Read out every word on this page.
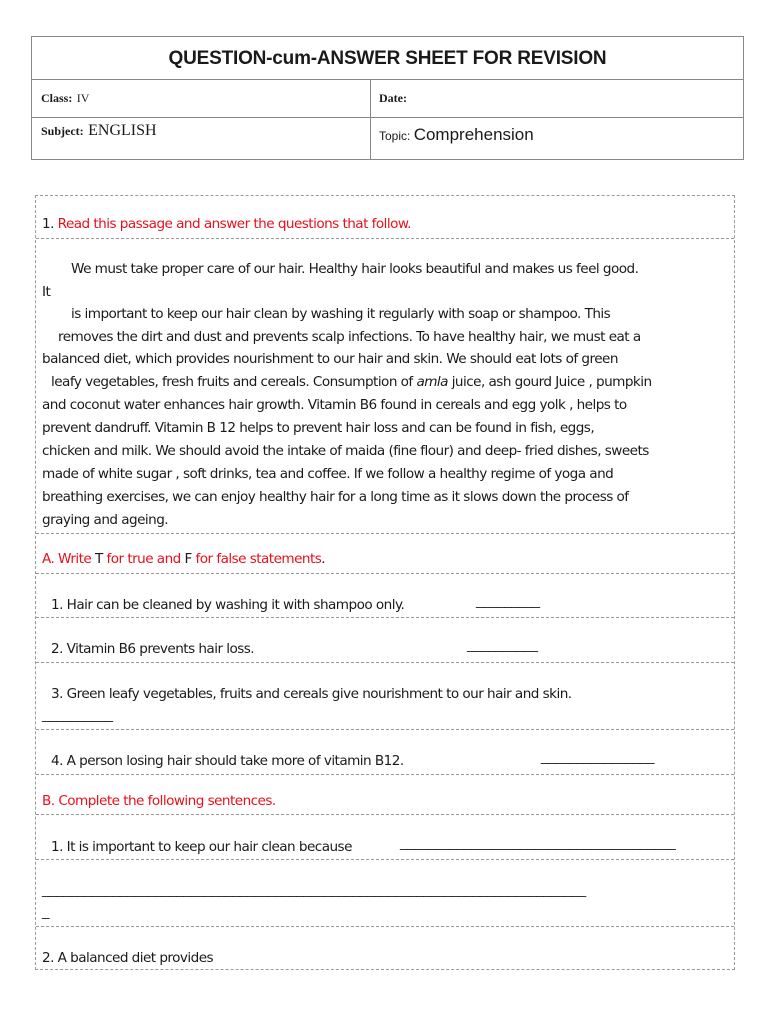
QUESTION-cum-ANSWER SHEET FOR REVISION
Class: IV	Date:
Subject: ENGLISH	Topic: Comprehension
1. Read this passage and answer the questions that follow.
We must take proper care of our hair. Healthy hair looks beautiful and makes us feel good.
It
is important to keep our hair clean by washing it regularly with soap or shampoo. This
removes the dirt and dust and prevents scalp infections. To have healthy hair, we must eat a
balanced diet, which provides nourishment to our hair and skin. We should eat lots of green
leafy vegetables, fresh fruits and cereals. Consumption of amla juice, ash gourd Juice , pumpkin
and coconut water enhances hair growth. Vitamin B6 found in cereals and egg yolk , helps to
prevent dandruff. Vitamin B 12 helps to prevent hair loss and can be found in fish, eggs,
chicken and milk. We should avoid the intake of maida (fine flour) and deep- fried dishes, sweets
made of white sugar , soft drinks, tea and coffee. If we follow a healthy regime of yoga and
breathing exercises, we can enjoy healthy hair for a long time as it slows down the process of
graying and ageing.
A. Write T for true and F for false statements.
1. Hair can be cleaned by washing it with shampoo only.	_________
2. Vitamin B6 prevents hair loss.	__________
3. Green leafy vegetables, fruits and cereals give nourishment to our hair and skin.
__________
4. A person losing hair should take more of vitamin B12.	________________
B. Complete the following sentences.
1. It is important to keep our hair clean because	_______________________________________
_____________________________________________________________________________
_
2. A balanced diet provides
